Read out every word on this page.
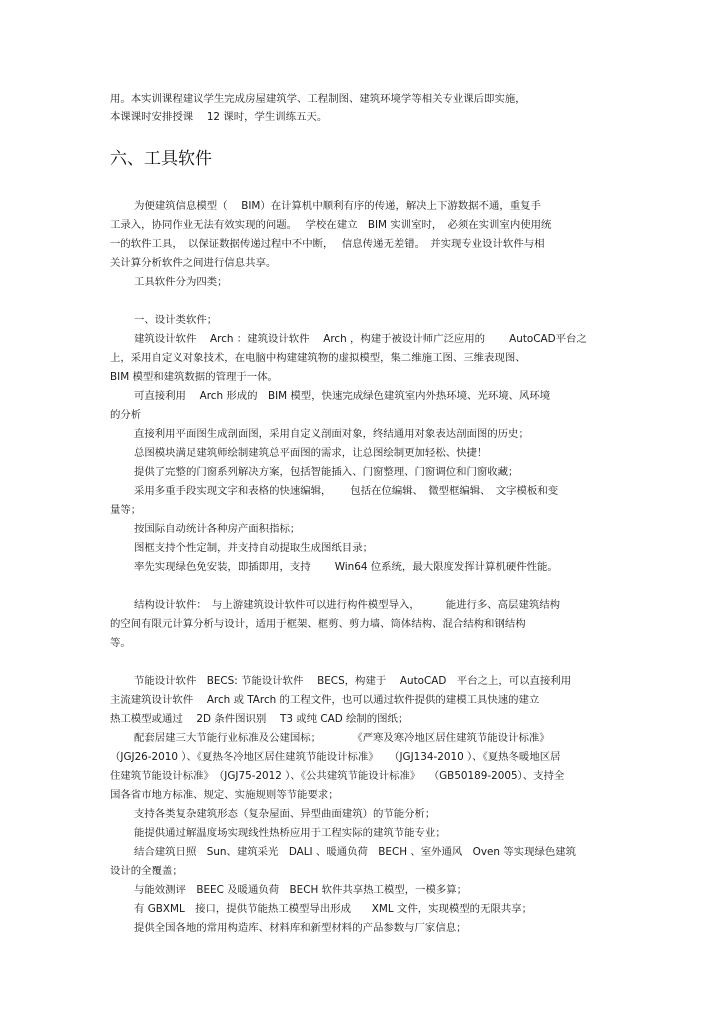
用。本实训课程建议学生完成房屋建筑学、工程制图、建筑环境学等相关专业课后即实施，
本课课时安排授课　 12 课时，学生训练五天。
六、工具软件
为便建筑信息模型（　 BIM）在计算机中顺利有序的传递，解决上下游数据不通，重复手
工录入，协同作业无法有效实现的问题。　 学校在建立　BIM 实训室时，　必须在实训室内使用统
一的软件工具，　以保证数据传递过程中不中断，　 信息传递无差错。　并实现专业设计软件与相
关计算分析软件之间进行信息共享。
工具软件分为四类；
一、设计类软件；
建筑设计软件　 Arch ：建筑设计软件　 Arch ，构建于被设计师广泛应用的　　 AutoCAD平台之
上，采用自定义对象技术，在电脑中构建建筑物的虚拟模型，集二维施工图、三维表现图、
BIM 模型和建筑数据的管理于一体。
可直接利用　 Arch 形成的　BIM 模型，快速完成绿色建筑室内外热环境、光环境、风环境
的分析
直接利用平面图生成剖面图，采用自定义剖面对象，终结通用对象表达剖面图的历史；
总图模块满足建筑师绘制建筑总平面图的需求，让总图绘制更加轻松、快捷！
提供了完整的门窗系列解决方案，包括智能插入、门窗整理、门窗调位和门窗收藏；
采用多重手段实现文字和表格的快速编辑，　　 包括在位编辑、　微型框编辑、　文字模板和变
量等；
按国际自动统计各种房产面积指标；
图框支持个性定制，并支持自动提取生成图纸目录；
率先实现绿色免安装，即插即用，支持　　 Win64 位系统，最大限度发挥计算机硬件性能。
结构设计软件：　与上游建筑设计软件可以进行构件模型导入，　　　能进行多、高层建筑结构
的空间有限元计算分析与设计，适用于框架、框剪、剪力墙、筒体结构、混合结构和钢结构
等。
节能设计软件　BECS: 节能设计软件　 BECS，构建于　 AutoCAD　平台之上，可以直接利用
主流建筑设计软件　 Arch 或 TArch 的工程文件，也可以通过软件提供的建模工具快速的建立
热工模型或通过　 2D 条件图识别　 T3 或纯 CAD 绘制的图纸；
配套居建三大节能行业标准及公建国标；　　　　《严寒及寒冷地区居住建筑节能设计标准》
（JGJ26-2010 ）、《夏热冬冷地区居住建筑节能设计标准》　　（JGJ134-2010 ）、《夏热冬暖地区居
住建筑节能设计标准》　（JGJ75-2012 ）、《公共建筑节能设计标准》　 （GB50189-2005）、支持全
国各省市地方标准、规定、实施规则等节能要求；
支持各类复杂建筑形态（复杂屋面、异型曲面建筑）的节能分析；
能提供通过解温度场实现线性热桥应用于工程实际的建筑节能专业；
结合建筑日照　Sun、建筑采光　DALI 、暖通负荷　BECH 、室外通风　Oven 等实现绿色建筑
设计的全覆盖；
与能效测评　BEEC 及暖通负荷　BECH 软件共享热工模型，一模多算；
有 GBXML　接口，提供节能热工模型导出形成　　XML 文件，实现模型的无限共享；
提供全国各地的常用构造库、材料库和新型材料的产品参数与厂家信息；
